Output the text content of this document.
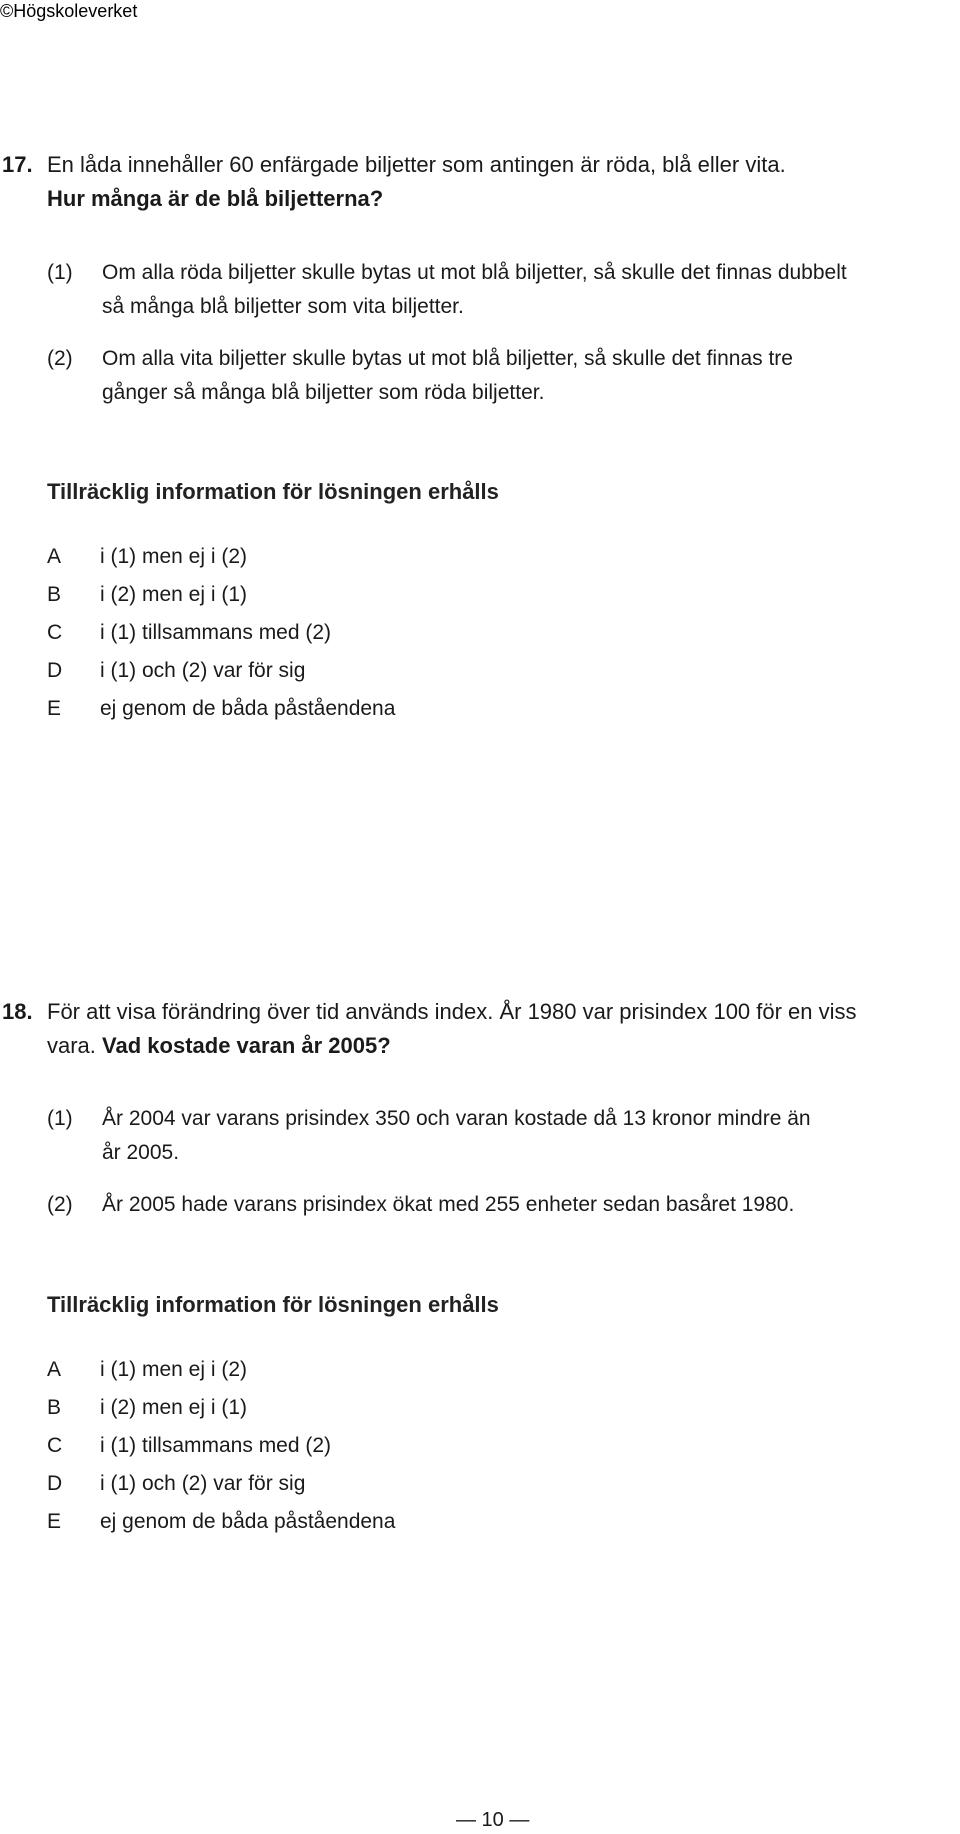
©Högskoleverket
17. En låda innehåller 60 enfärgade biljetter som antingen är röda, blå eller vita.
Hur många är de blå biljetterna?
(1) Om alla röda biljetter skulle bytas ut mot blå biljetter, så skulle det finnas dubbelt
så många blå biljetter som vita biljetter.
(2) Om alla vita biljetter skulle bytas ut mot blå biljetter, så skulle det finnas tre
gånger så många blå biljetter som röda biljetter.
Tillräcklig information för lösningen erhålls
A i (1) men ej i (2)
B i (2) men ej i (1)
C i (1) tillsammans med (2)
D i (1) och (2) var för sig
E ej genom de båda påståendena
18. För att visa förändring över tid används index. År 1980 var prisindex 100 för en viss
vara. Vad kostade varan år 2005?
(1) År 2004 var varans prisindex 350 och varan kostade då 13 kronor mindre än
år 2005.
(2) År 2005 hade varans prisindex ökat med 255 enheter sedan basåret 1980.
Tillräcklig information för lösningen erhålls
A i (1) men ej i (2)
B i (2) men ej i (1)
C i (1) tillsammans med (2)
D i (1) och (2) var för sig
E ej genom de båda påståendena
— 10 —
